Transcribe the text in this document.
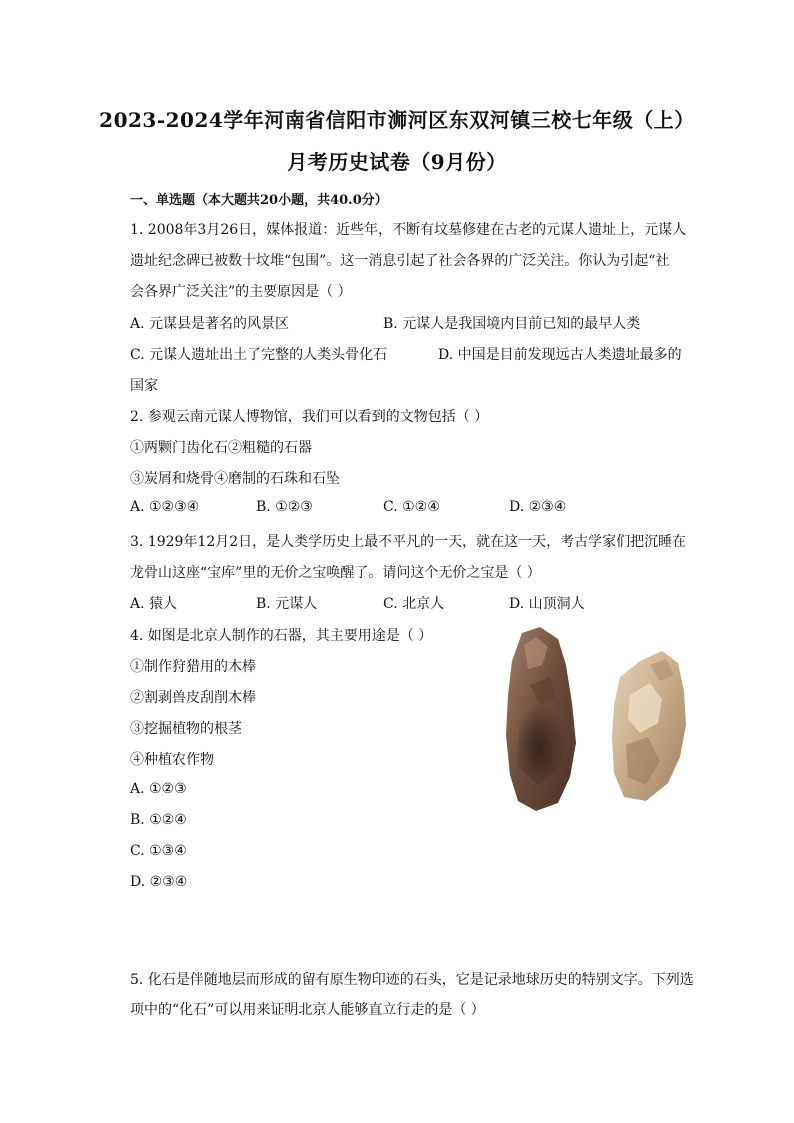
2023-2024学年河南省信阳市浉河区东双河镇三校七年级（上）
月考历史试卷（9月份）
一、单选题（本大题共20小题，共40.0分）
1. 2008年3月26日，媒体报道：近些年，不断有坟墓修建在古老的元谋人遗址上，元谋人
遗址纪念碑已被数十坟堆“包围”。这一消息引起了社会各界的广泛关注。你认为引起“社
会各界广泛关注”的主要原因是（ ）
A. 元谋县是著名的风景区	B. 元谋人是我国境内目前已知的最早人类
C. 元谋人遗址出土了完整的人类头骨化石	D. 中国是目前发现远古人类遗址最多的
国家
2. 参观云南元谋人博物馆，我们可以看到的文物包括（ ）
①两颗门齿化石②粗糙的石器
③炭屑和烧骨④磨制的石珠和石坠
A. ①②③④	B. ①②③	C. ①②④	D. ②③④
3. 1929年12月2日，是人类学历史上最不平凡的一天，就在这一天，考古学家们把沉睡在
龙骨山这座“宝库”里的无价之宝唤醒了。请问这个无价之宝是（ ）
A. 猿人	B. 元谋人	C. 北京人	D. 山顶洞人
4. 如图是北京人制作的石器，其主要用途是（ ）
①制作狩猎用的木棒
②割剥兽皮刮削木棒
③挖掘植物的根茎
④种植农作物
A. ①②③
B. ①②④
C. ①③④
D. ②③④
5. 化石是伴随地层而形成的留有原生物印迹的石头，它是记录地球历史的特别文字。下列选
项中的“化石”可以用来证明北京人能够直立行走的是（ ）
